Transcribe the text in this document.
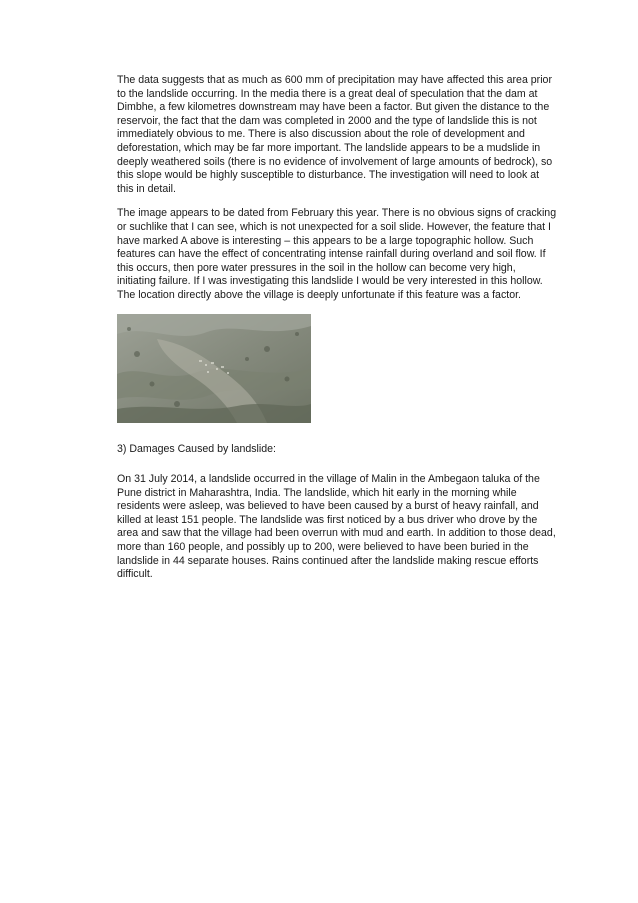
The data suggests that as much as 600 mm of precipitation may have affected this area prior to the landslide occurring. In the media there is a great deal of speculation that the dam at Dimbhe, a few kilometres downstream may have been a factor. But given the distance to the reservoir, the fact that the dam was completed in 2000 and the type of landslide this is not immediately obvious to me. There is also discussion about the role of development and deforestation, which may be far more important. The landslide appears to be a mudslide in deeply weathered soils (there is no evidence of involvement of large amounts of bedrock), so this slope would be highly susceptible to disturbance. The investigation will need to look at this in detail.

The image appears to be dated from February this year. There is no obvious signs of cracking or suchlike that I can see, which is not unexpected for a soil slide. However, the feature that I have marked A above is interesting – this appears to be a large topographic hollow. Such features can have the effect of concentrating intense rainfall during overland and soil flow. If this occurs, then pore water pressures in the soil in the hollow can become very high, initiating failure. If I was investigating this landslide I would be very interested in this hollow. The location directly above the village is deeply unfortunate if this feature was a factor.

3) Damages Caused by landslide:

On 31 July 2014, a landslide occurred in the village of Malin in the Ambegaon taluka of the Pune district in Maharashtra, India. The landslide, which hit early in the morning while residents were asleep, was believed to have been caused by a burst of heavy rainfall, and killed at least 151 people. The landslide was first noticed by a bus driver who drove by the area and saw that the village had been overrun with mud and earth. In addition to those dead, more than 160 people, and possibly up to 200, were believed to have been buried in the landslide in 44 separate houses. Rains continued after the landslide making rescue efforts difficult.
